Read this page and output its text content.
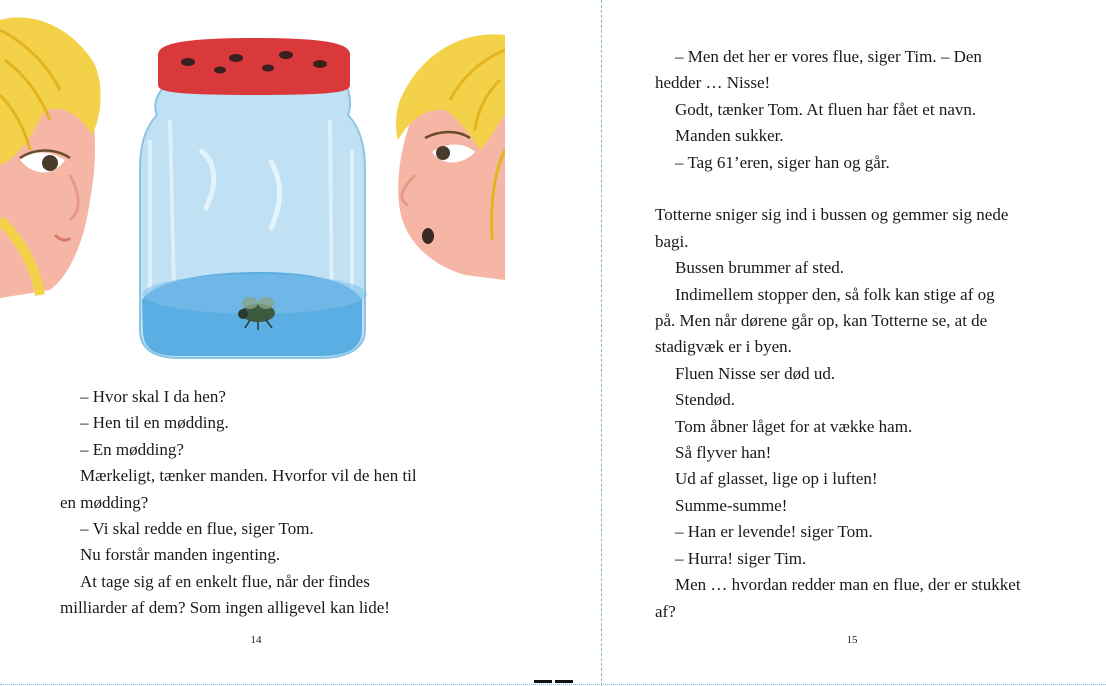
– Hvor skal I da hen?
– Hen til en mødding.
– En mødding?
Mærkeligt, tænker manden. Hvorfor vil de hen til
en mødding?
– Vi skal redde en flue, siger Tom.
Nu forstår manden ingenting.
At tage sig af en enkelt flue, når der findes
milliarder af dem? Som ingen alligevel kan lide!
14
– Men det her er vores flue, siger Tim. – Den
hedder … Nisse!
Godt, tænker Tom. At fluen har fået et navn.
Manden sukker.
– Tag 61’eren, siger han og går.
Totterne sniger sig ind i bussen og gemmer sig nede
bagi.
Bussen brummer af sted.
Indimellem stopper den, så folk kan stige af og
på. Men når dørene går op, kan Totterne se, at de
stadigvæk er i byen.
Fluen Nisse ser død ud.
Stendød.
Tom åbner låget for at vække ham.
Så flyver han!
Ud af glasset, lige op i luften!
Summe-summe!
– Han er levende! siger Tom.
– Hurra! siger Tim.
Men … hvordan redder man en flue, der er stukket
af?
15
